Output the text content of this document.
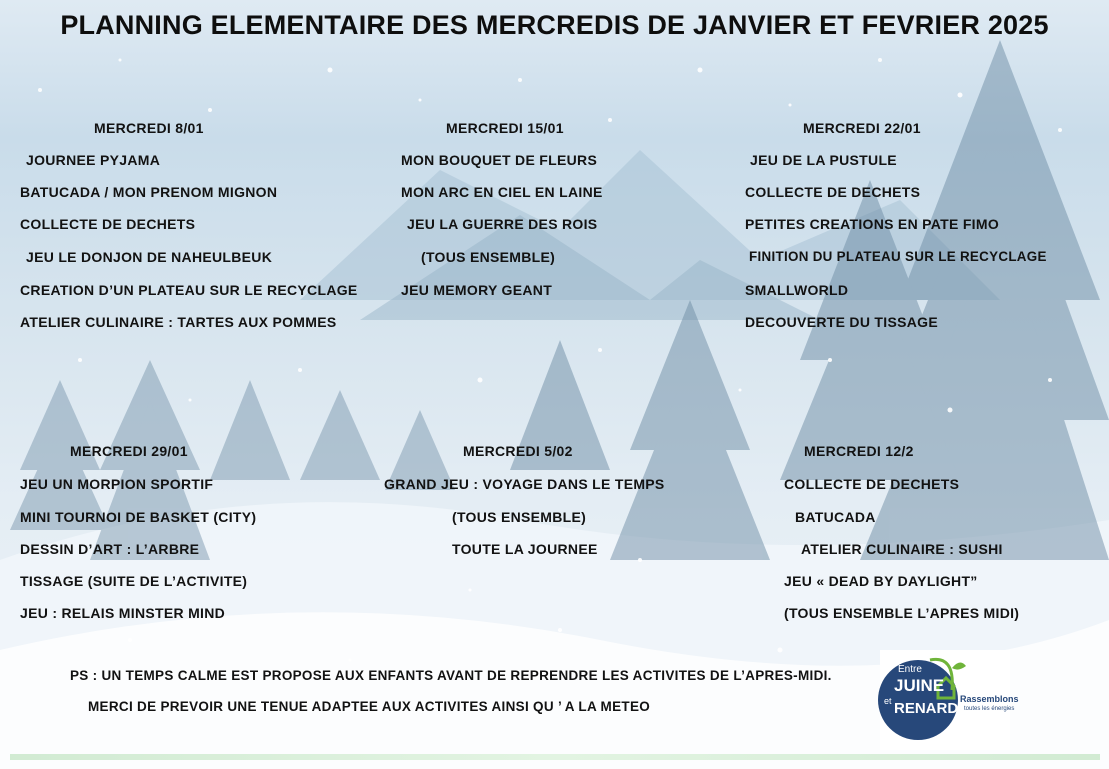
PLANNING ELEMENTAIRE DES MERCREDIS DE JANVIER ET FEVRIER 2025
MERCREDI 8/01
JOURNEE PYJAMA
BATUCADA / MON PRENOM MIGNON
COLLECTE DE DECHETS
JEU LE DONJON DE NAHEULBEUK
CREATION D’UN PLATEAU SUR LE RECYCLAGE
ATELIER CULINAIRE : TARTES AUX POMMES
MERCREDI 15/01
MON BOUQUET DE FLEURS
MON ARC EN CIEL EN LAINE
JEU LA GUERRE DES ROIS
(TOUS ENSEMBLE)
JEU MEMORY GEANT
MERCREDI 22/01
JEU DE LA PUSTULE
COLLECTE DE DECHETS
PETITES CREATIONS EN PATE FIMO
FINITION DU PLATEAU SUR LE RECYCLAGE
SMALLWORLD
DECOUVERTE DU TISSAGE
MERCREDI 29/01
JEU UN MORPION SPORTIF
MINI TOURNOI DE BASKET (CITY)
DESSIN D’ART : L’ARBRE
TISSAGE (SUITE DE L’ACTIVITE)
JEU : RELAIS MINSTER MIND
MERCREDI 5/02
GRAND JEU : VOYAGE DANS LE TEMPS
(TOUS ENSEMBLE)
TOUTE LA JOURNEE
MERCREDI 12/2
COLLECTE DE DECHETS
BATUCADA
ATELIER CULINAIRE : SUSHI
JEU « DEAD BY DAYLIGHT”
(TOUS ENSEMBLE L’APRES MIDI)
PS : UN TEMPS CALME EST PROPOSE AUX ENFANTS AVANT DE REPRENDRE LES ACTIVITES DE L’APRES-MIDI.
MERCI DE PREVOIR UNE TENUE ADAPTEE AUX ACTIVITES AINSI QU ’ A LA METEO
Entre
JUINE
et RENARDE
Rassemblons
toutes les énergies
